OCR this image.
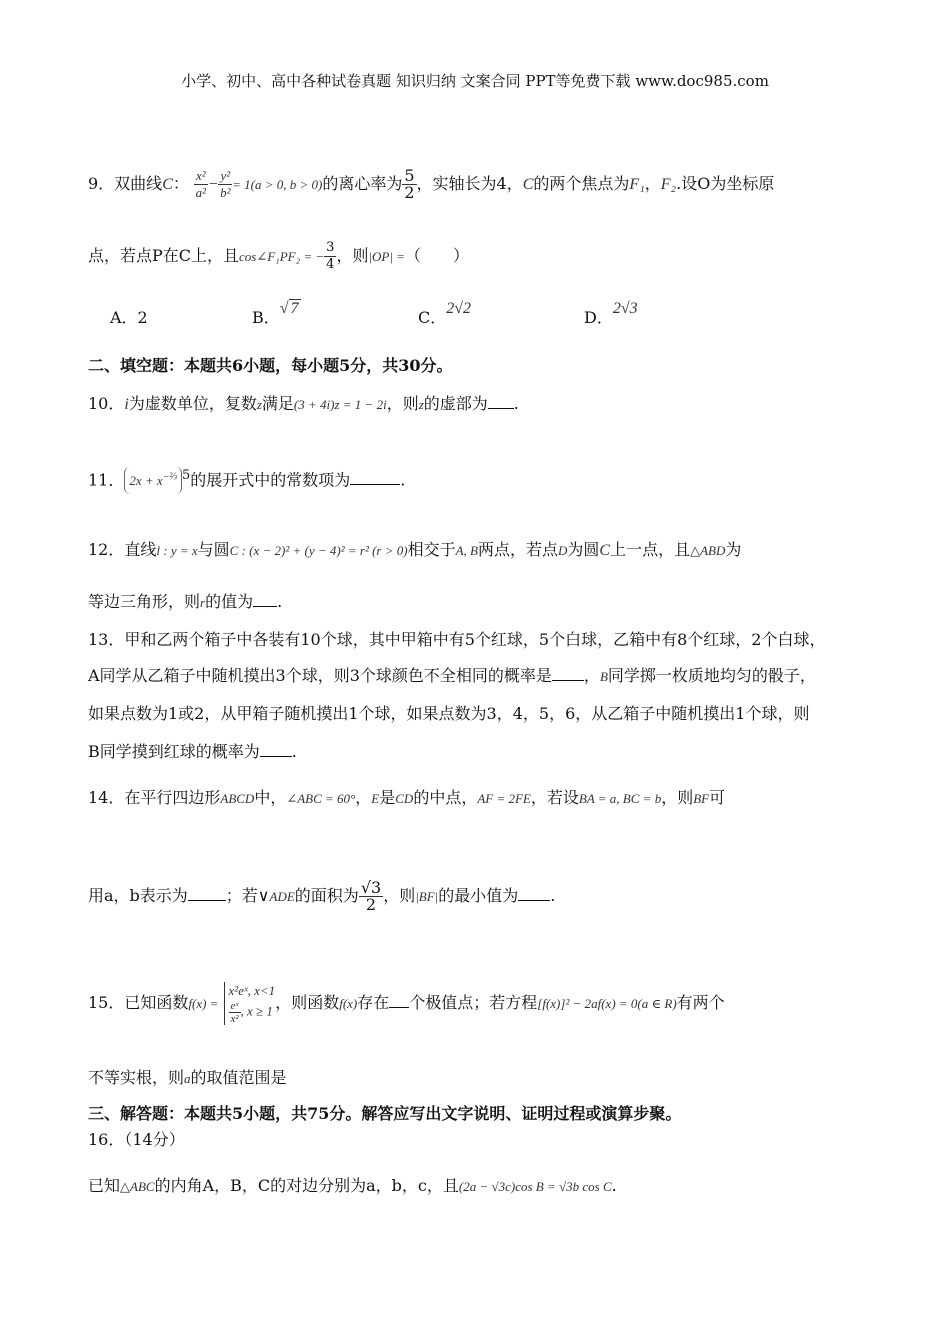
小学、初中、高中各种试卷真题 知识归纳 文案合同 PPT等免费下载 www.doc985.com
9．双曲线C： $\frac{\text{x²}}{\text{a²}} - \frac{\text{y²}}{\text{b²}} = 1(a > 0$, b > 0)的离心率为 $\frac{5}{2}$ ，实轴长为4，C的两个焦点为F₁，F₂.设O为坐标原
点，若点P在C上，且cos∠F₁PF₂ = − $\frac{3}{4}$ ，则|OP| =（　　）
A．2	B．√ 7	C．2√2	D．2√3
二、填空题：本题共6小题，每小题5分，共30分。
10．i为虚数单位，复数z满足(3 + 4i)z = 1 − 2i，则z的虚部为 .
11． $2x + x^{-\frac{2}{3}}$ $^5$的展开式中的常数项为	.
12．直线l : y = x与圆C : (x − 2)² + (y − 4)² = r² (r > 0)相交于A, B两点，若点D为圆C上一点，且△ABD为
等边三角形，则r的值为 .
13．甲和乙两个箱子中各装有10个球，其中甲箱中有5个红球，5个白球，乙箱中有8个红球，2个白球，
A同学从乙箱子中随机摸出3个球，则3个球颜色不全相同的概率是 ，B同学掷一枚质地均匀的骰子，
如果点数为1或2，从甲箱子随机摸出1个球，如果点数为3，4，5，6，从乙箱子中随机摸出1个球，则
B同学摸到红球的概率为 .
14．在平行四边形ABCD中，∠ABC = 60°，E是CD的中点，AF = 2FE，若设BA = a, BC = b，则BF可
用a，b表示为 ；若∨ADE的面积为 $\frac{√3}{2}$ ，则|BF|的最小值为 .
15．已知函数f(x) =
x²eˣ, x<1
$\frac{\text{eˣ}}{\text{x²}}$ , x ≥ 1 ，则函数f(x)存在 个极值点；若方程[f(x)]² − 2af(x) = 0(a ∈ R)有两个
不等实根，则a的取值范围是
三、解答题：本题共5小题，共75分。解答应写出文字说明、证明过程或演算步聚。
16．（14分）
已知△ABC的内角A，B，C的对边分别为a，b，c，且(2a − √3c)cos B = √3b cos C.
